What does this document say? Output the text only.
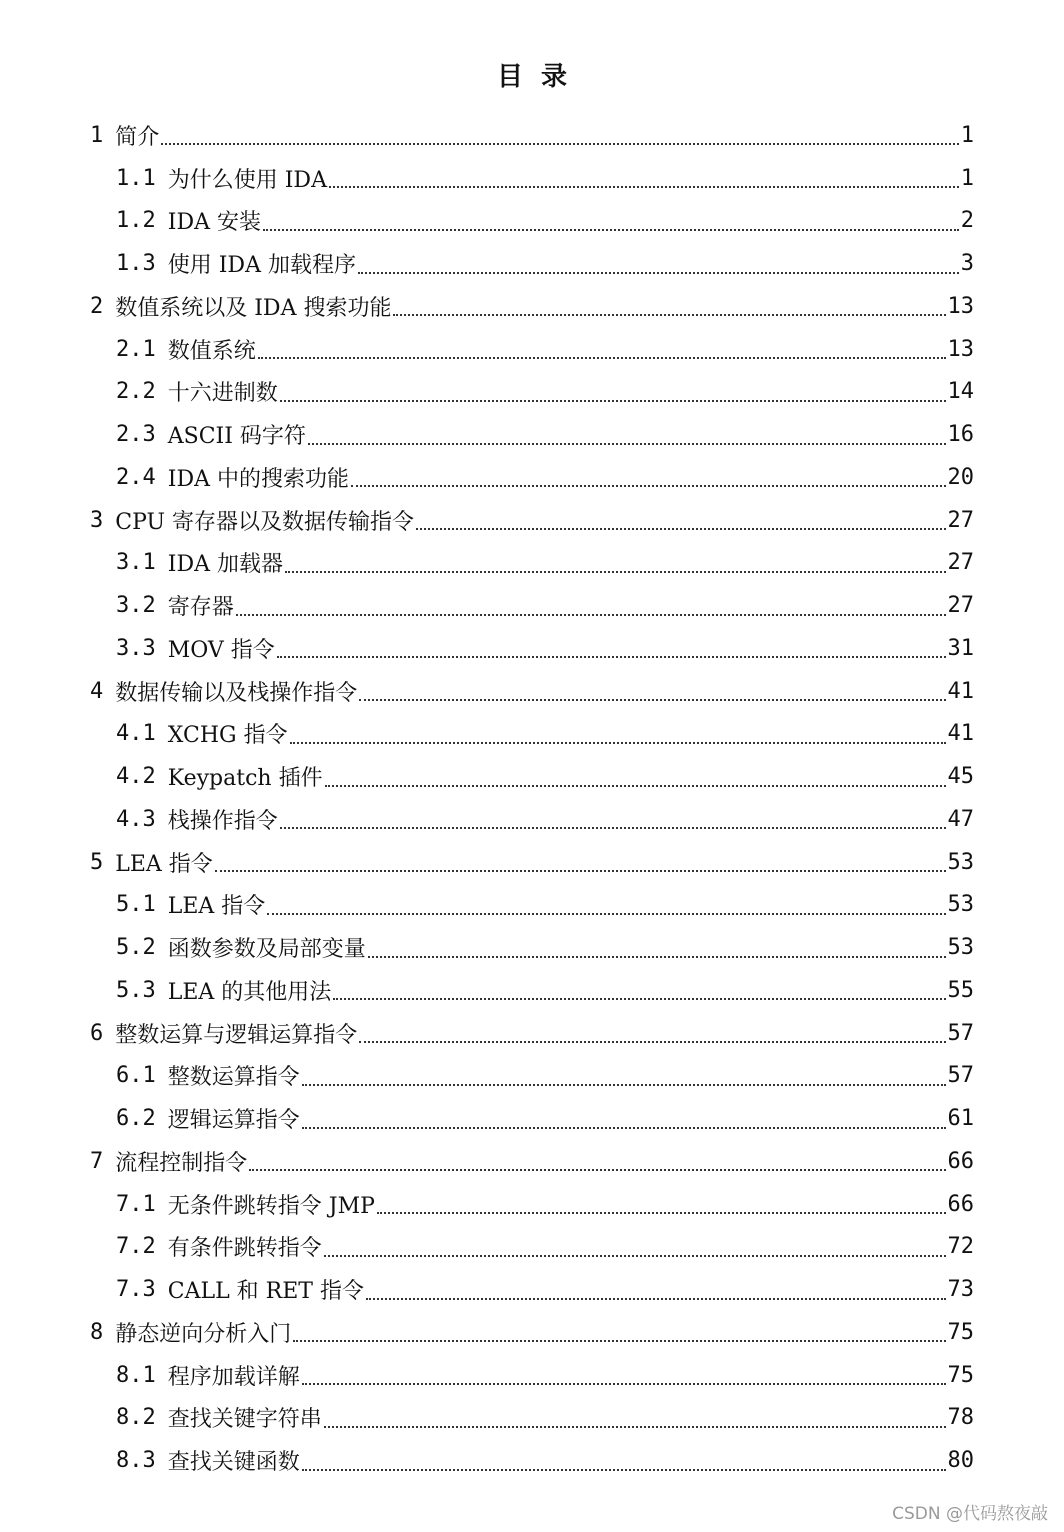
目  录
1 简介	1
1.1 为什么使用 IDA	1
1.2 IDA 安装	2
1.3 使用 IDA 加载程序	3
2 数值系统以及 IDA 搜索功能	13
2.1 数值系统	13
2.2 十六进制数	14
2.3 ASCII 码字符	16
2.4 IDA 中的搜索功能	20
3 CPU 寄存器以及数据传输指令	27
3.1 IDA 加载器	27
3.2 寄存器	27
3.3 MOV 指令	31
4 数据传输以及栈操作指令	41
4.1 XCHG 指令	41
4.2 Keypatch 插件	45
4.3 栈操作指令	47
5 LEA 指令	53
5.1 LEA 指令	53
5.2 函数参数及局部变量	53
5.3 LEA 的其他用法	55
6 整数运算与逻辑运算指令	57
6.1 整数运算指令	57
6.2 逻辑运算指令	61
7 流程控制指令	66
7.1 无条件跳转指令 JMP	66
7.2 有条件跳转指令	72
7.3 CALL 和 RET 指令	73
8 静态逆向分析入门	75
8.1 程序加载详解	75
8.2 查找关键字符串	78
8.3 查找关键函数	80
CSDN @代码熬夜敲
